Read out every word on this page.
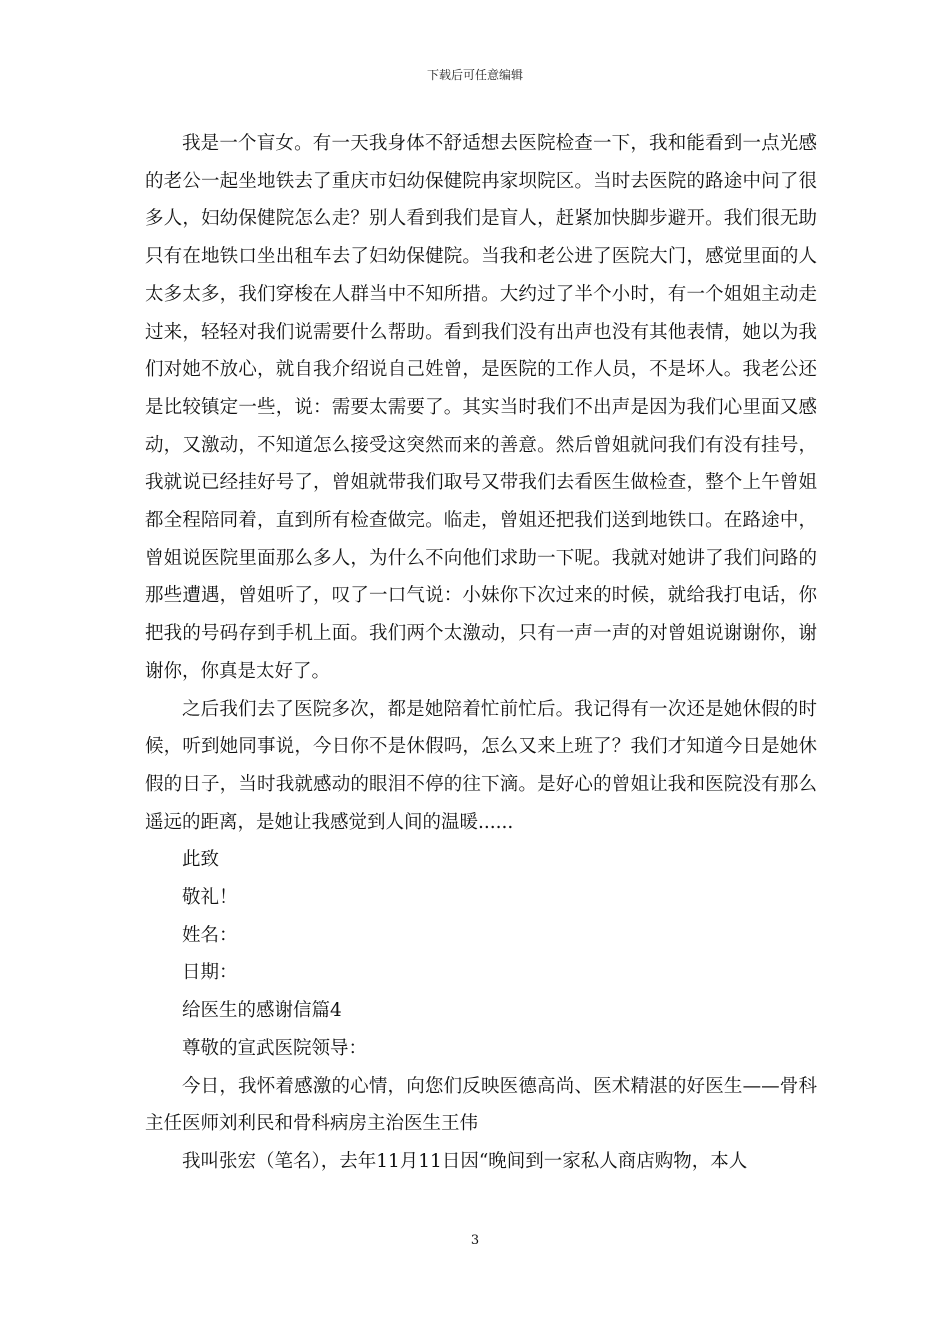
下载后可任意编辑

我是一个盲女。有一天我身体不舒适想去医院检查一下，我和能看到一点光感的老公一起坐地铁去了重庆市妇幼保健院冉家坝院区。当时去医院的路途中问了很多人，妇幼保健院怎么走？别人看到我们是盲人，赶紧加快脚步避开。我们很无助只有在地铁口坐出租车去了妇幼保健院。当我和老公进了医院大门，感觉里面的人太多太多，我们穿梭在人群当中不知所措。大约过了半个小时，有一个姐姐主动走过来，轻轻对我们说需要什么帮助。看到我们没有出声也没有其他表情，她以为我们对她不放心，就自我介绍说自己姓曾，是医院的工作人员，不是坏人。我老公还是比较镇定一些，说：需要太需要了。其实当时我们不出声是因为我们心里面又感动，又激动，不知道怎么接受这突然而来的善意。然后曾姐就问我们有没有挂号，我就说已经挂好号了，曾姐就带我们取号又带我们去看医生做检查，整个上午曾姐都全程陪同着，直到所有检查做完。临走，曾姐还把我们送到地铁口。在路途中，曾姐说医院里面那么多人，为什么不向他们求助一下呢。我就对她讲了我们问路的那些遭遇，曾姐听了，叹了一口气说：小妹你下次过来的时候，就给我打电话，你把我的号码存到手机上面。我们两个太激动，只有一声一声的对曾姐说谢谢你，谢谢你，你真是太好了。

之后我们去了医院多次，都是她陪着忙前忙后。我记得有一次还是她休假的时候，听到她同事说，今日你不是休假吗，怎么又来上班了？我们才知道今日是她休假的日子，当时我就感动的眼泪不停的往下滴。是好心的曾姐让我和医院没有那么遥远的距离，是她让我感觉到人间的温暖......

此致

敬礼！

姓名：

日期：

给医生的感谢信篇4

尊敬的宣武医院领导：

今日，我怀着感激的心情，向您们反映医德高尚、医术精湛的好医生——骨科主任医师刘利民和骨科病房主治医生王伟

我叫张宏（笔名），去年11月11日因“晚间到一家私人商店购物，本人

3
